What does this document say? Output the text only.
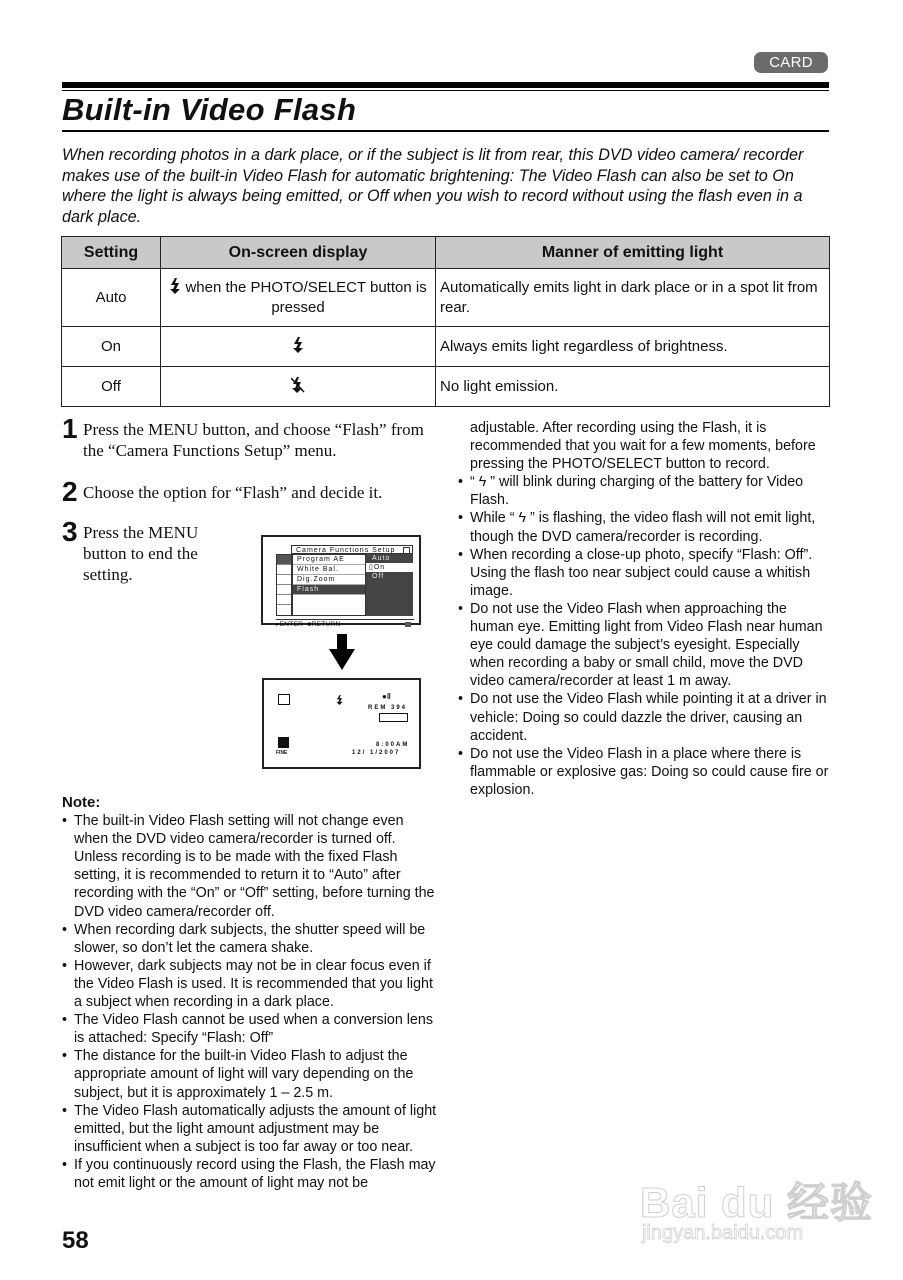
CARD
Built-in Video Flash

When recording photos in a dark place, or if the subject is lit from rear, this DVD video camera/ recorder makes use of the built-in Video Flash for automatic brightening: The Video Flash can also be set to On where the light is always being emitted, or Off when you wish to record without using the flash even in a dark place.

Setting	On-screen display	Manner of emitting light
Auto	when the PHOTO/SELECT button is pressed	Automatically emits light in dark place or in a spot lit from rear.
On		Always emits light regardless of brightness.
Off		No light emission.
1 Press the MENU button, and choose “Flash” from the “Camera Functions Setup” menu.
2 Choose the option for “Flash” and decide it.
3 Press the MENU button to end the setting.
Camera Functions Setup
Program AE
White Bal.
Dig.Zoom
Flash
Auto
▯On
Off
▸ENTER ■RETURN
●‖
REM 394
FINE
8:00AM
12/ 1/2007
Note:
• The built-in Video Flash setting will not change even when the DVD video camera/recorder is turned off. Unless recording is to be made with the fixed Flash setting, it is recommended to return it to “Auto” after recording with the “On” or “Off” setting, before turning the DVD video camera/recorder off.
• When recording dark subjects, the shutter speed will be slower, so don’t let the camera shake.
• However, dark subjects may not be in clear focus even if the Video Flash is used. It is recommended that you light a subject when recording in a dark place.
• The Video Flash cannot be used when a conversion lens is attached: Specify “Flash: Off”
• The distance for the built-in Video Flash to adjust the appropriate amount of light will vary depending on the subject, but it is approximately 1 – 2.5 m.
• The Video Flash automatically adjusts the amount of light emitted, but the light amount adjustment may be insufficient when a subject is too far away or too near.
• If you continuously record using the Flash, the Flash may not emit light or the amount of light may not be
adjustable. After recording using the Flash, it is recommended that you wait for a few moments, before pressing the PHOTO/SELECT button to record.
• “ ϟ ” will blink during charging of the battery for Video Flash.
• While “ ϟ ” is flashing, the video flash will not emit light, though the DVD camera/recorder is recording.
• When recording a close-up photo, specify “Flash: Off”. Using the flash too near subject could cause a whitish image.
• Do not use the Video Flash when approaching the human eye. Emitting light from Video Flash near human eye could damage the subject’s eyesight. Especially when recording a baby or small child, move the DVD video camera/recorder at least 1 m away.
• Do not use the Video Flash while pointing it at a driver in vehicle: Doing so could dazzle the driver, causing an accident.
• Do not use the Video Flash in a place where there is flammable or explosive gas: Doing so could cause fire or explosion.
58
Bai du 经验
jingyan.baidu.com
